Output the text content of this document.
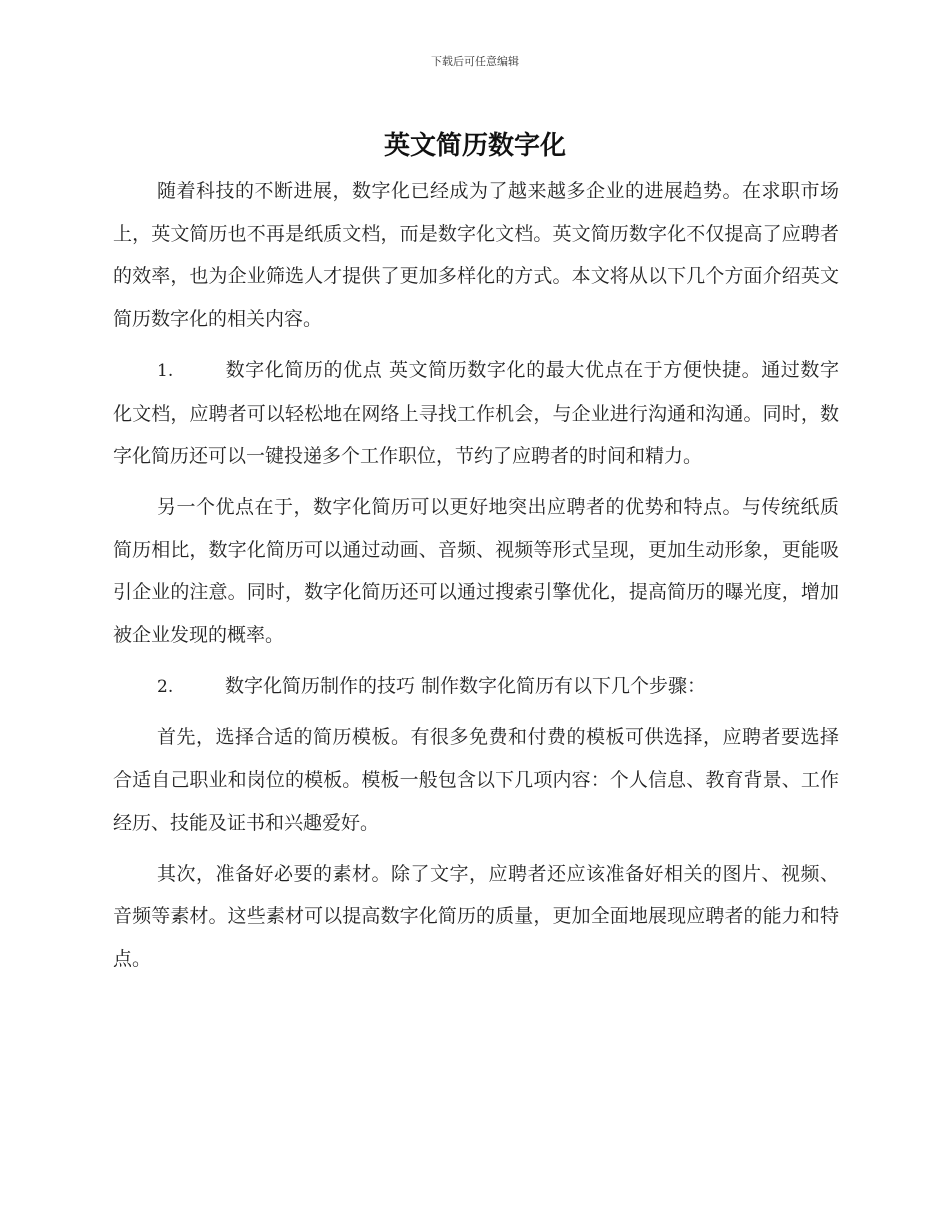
下载后可任意编辑
英文简历数字化

随着科技的不断进展，数字化已经成为了越来越多企业的进展趋势。在求职市场上，英文简历也不再是纸质文档，而是数字化文档。英文简历数字化不仅提高了应聘者的效率，也为企业筛选人才提供了更加多样化的方式。本文将从以下几个方面介绍英文简历数字化的相关内容。

1.	数字化简历的优点 英文简历数字化的最大优点在于方便快捷。通过数字化文档，应聘者可以轻松地在网络上寻找工作机会，与企业进行沟通和沟通。同时，数字化简历还可以一键投递多个工作职位，节约了应聘者的时间和精力。

另一个优点在于，数字化简历可以更好地突出应聘者的优势和特点。与传统纸质简历相比，数字化简历可以通过动画、音频、视频等形式呈现，更加生动形象，更能吸引企业的注意。同时，数字化简历还可以通过搜索引擎优化，提高简历的曝光度，增加被企业发现的概率。

2.	数字化简历制作的技巧 制作数字化简历有以下几个步骤：

首先，选择合适的简历模板。有很多免费和付费的模板可供选择，应聘者要选择合适自己职业和岗位的模板。模板一般包含以下几项内容：个人信息、教育背景、工作经历、技能及证书和兴趣爱好。

其次，准备好必要的素材。除了文字，应聘者还应该准备好相关的图片、视频、音频等素材。这些素材可以提高数字化简历的质量，更加全面地展现应聘者的能力和特点。
